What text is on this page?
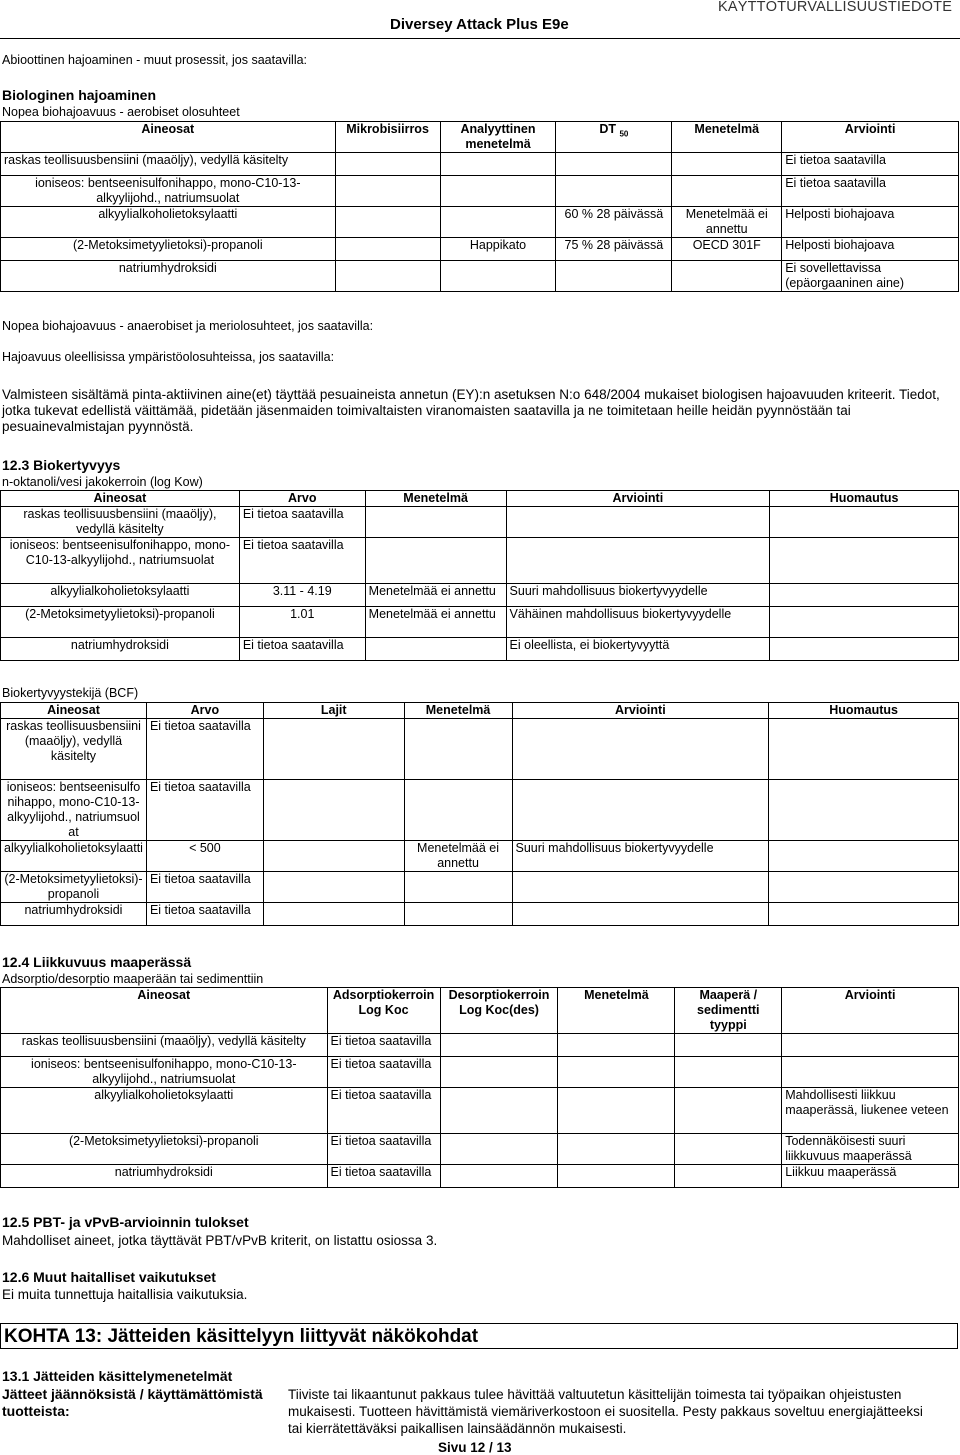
Diversey Attack Plus E9e
KÄYTTÖTURVALLISUUSTIEDOTE
Abioottinen hajoaminen - muut prosessit, jos saatavilla:
Biologinen hajoaminen
Nopea biohajoavuus - aerobiset olosuhteet
Aineosat	Mikrobisiirros	Analyyttinen menetelmä	DT $_{50}$	Menetelmä	Arviointi
raskas teollisuusbensiini (maaöljy), vedyllä käsitelty					Ei tietoa saatavilla
ioniseos: bentseenisulfonihappo, mono-C10-13-alkyylijohd., natriumsuolat					Ei tietoa saatavilla
alkyylialkoholietoksylaatti			60 % 28 päivässä	Menetelmää ei annettu	Helposti biohajoava
(2-Metoksimetyylietoksi)-propanoli		Happikato	75 % 28 päivässä	OECD 301F	Helposti biohajoava
natriumhydroksidi					Ei sovellettavissa (epäorgaaninen aine)
Nopea biohajoavuus - anaerobiset ja meriolosuhteet, jos saatavilla:
Hajoavuus oleellisissa ympäristöolosuhteissa, jos saatavilla:
Valmisteen sisältämä pinta-aktiivinen aine(et) täyttää pesuaineista annetun (EY):n asetuksen N:o 648/2004 mukaiset biologisen hajoavuuden kriteerit. Tiedot, jotka tukevat edellistä väittämää, pidetään jäsenmaiden toimivaltaisten viranomaisten saatavilla ja ne toimitetaan heille heidän pyynnöstään tai pesuainevalmistajan pyynnöstä.
12.3 Biokertyvyys
n-oktanoli/vesi jakokerroin (log Kow)
Aineosat	Arvo	Menetelmä	Arviointi	Huomautus
raskas teollisuusbensiini (maaöljy), vedyllä käsitelty	Ei tietoa saatavilla			
ioniseos: bentseenisulfonihappo, mono-C10-13-alkyylijohd., natriumsuolat	Ei tietoa saatavilla			
alkyylialkoholietoksylaatti	3.11 - 4.19	Menetelmää ei annettu	Suuri mahdollisuus biokertyvyydelle	
(2-Metoksimetyylietoksi)-propanoli	1.01	Menetelmää ei annettu	Vähäinen mahdollisuus biokertyvyydelle	
natriumhydroksidi	Ei tietoa saatavilla		Ei oleellista, ei biokertyvyyttä	
Biokertyvyystekijä (BCF)
Aineosat	Arvo	Lajit	Menetelmä	Arviointi	Huomautus
raskas teollisuusbensiini (maaöljy), vedyllä käsitelty	Ei tietoa saatavilla				
ioniseos: bentseenisulfonihappo, mono-C10-13-alkyylijohd., natriumsuolat	Ei tietoa saatavilla				
alkyylialkoholietoksylaatti	< 500		Menetelmää ei annettu	Suuri mahdollisuus biokertyvyydelle	
(2-Metoksimetyylietoksi)-propanoli	Ei tietoa saatavilla				
natriumhydroksidi	Ei tietoa saatavilla				
12.4 Liikkuvuus maaperässä
Adsorptio/desorptio maaperään tai sedimenttiin
Aineosat	Adsorptiokerroin Log Koc	Desorptiokerroin Log Koc(des)	Menetelmä	Maaperä / sedimentti tyyppi	Arviointi
raskas teollisuusbensiini (maaöljy), vedyllä käsitelty	Ei tietoa saatavilla				
ioniseos: bentseenisulfonihappo, mono-C10-13-alkyylijohd., natriumsuolat	Ei tietoa saatavilla				
alkyylialkoholietoksylaatti	Ei tietoa saatavilla				Mahdollisesti liikkuu maaperässä, liukenee veteen
(2-Metoksimetyylietoksi)-propanoli	Ei tietoa saatavilla				Todennäköisesti suuri liikkuvuus maaperässä
natriumhydroksidi	Ei tietoa saatavilla				Liikkuu maaperässä
12.5 PBT- ja vPvB-arvioinnin tulokset
Mahdolliset aineet, jotka täyttävät PBT/vPvB kriterit, on listattu osiossa 3.
12.6 Muut haitalliset vaikutukset
Ei muita tunnettuja haitallisia vaikutuksia.
KOHTA 13: Jätteiden käsittelyyn liittyvät näkökohdat
13.1 Jätteiden käsittelymenetelmät
Jätteet jäännöksistä / käyttämättömistä tuotteista:
Tiiviste tai likaantunut pakkaus tulee hävittää valtuutetun käsittelijän toimesta tai työpaikan ohjeistusten mukaisesti. Tuotteen hävittämistä viemäriverkostoon ei suositella. Pesty pakkaus soveltuu energiajätteeksi tai kierrätettäväksi paikallisen lainsäädännön mukaisesti.
Sivu 12 / 13
